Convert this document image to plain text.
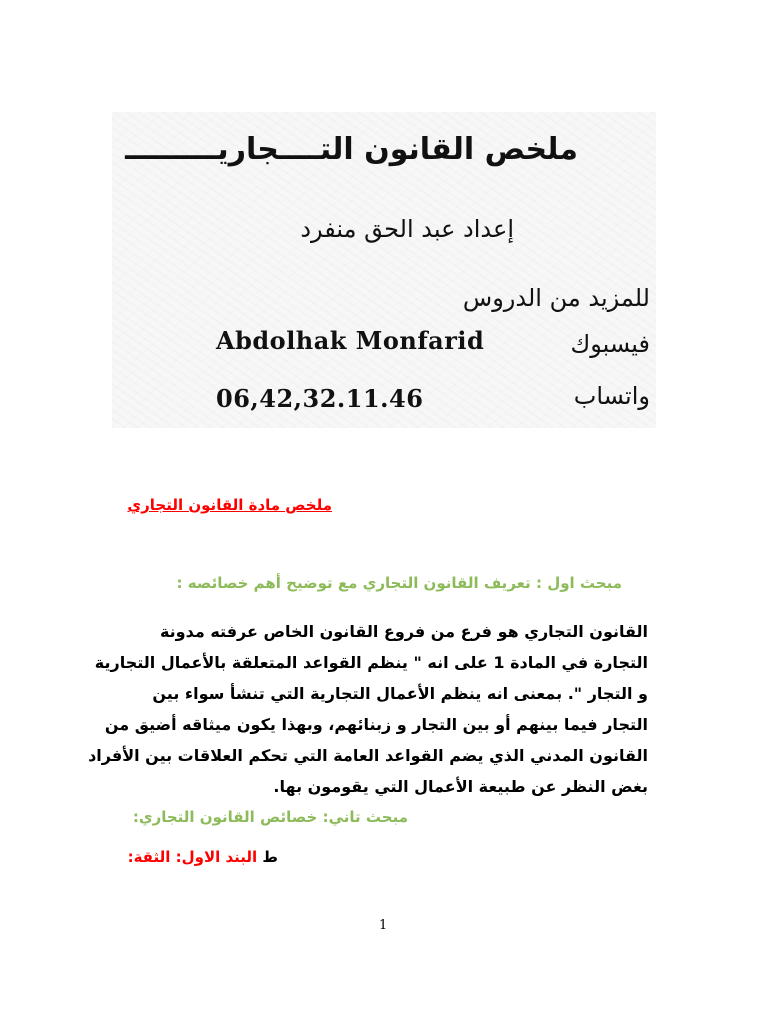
ملخص القانون التــــجاريـــــــــ
إعداد عبد الحق منفرد
للمزيد من الدروس
فيسبوك
Abdolhak Monfarid
واتساب
06,42,32.11.46
ملخص مادة القانون التجاري
مبحث اول : تعريف القانون التجاري مع توضيح أهم خصائصه :
القانون التجاري هو فرع من فروع القانون الخاص عرفته مدونة
التجارة في المادة 1 على انه " ينظم القواعد المتعلقة بالأعمال التجارية
و التجار ". بمعنى انه ينظم الأعمال التجارية التي تنشأ سواء بين
التجار فيما بينهم أو بين التجار و زبنائهم، وبهذا يكون ميثاقه أضيق من
القانون المدني الذي يضم القواعد العامة التي تحكم العلاقات بين الأفراد
بغض النظر عن طبيعة الأعمال التي يقومون بها.
مبحث تاني: خصائص القانون التجاري:
ط البند الاول: الثقة:
1
